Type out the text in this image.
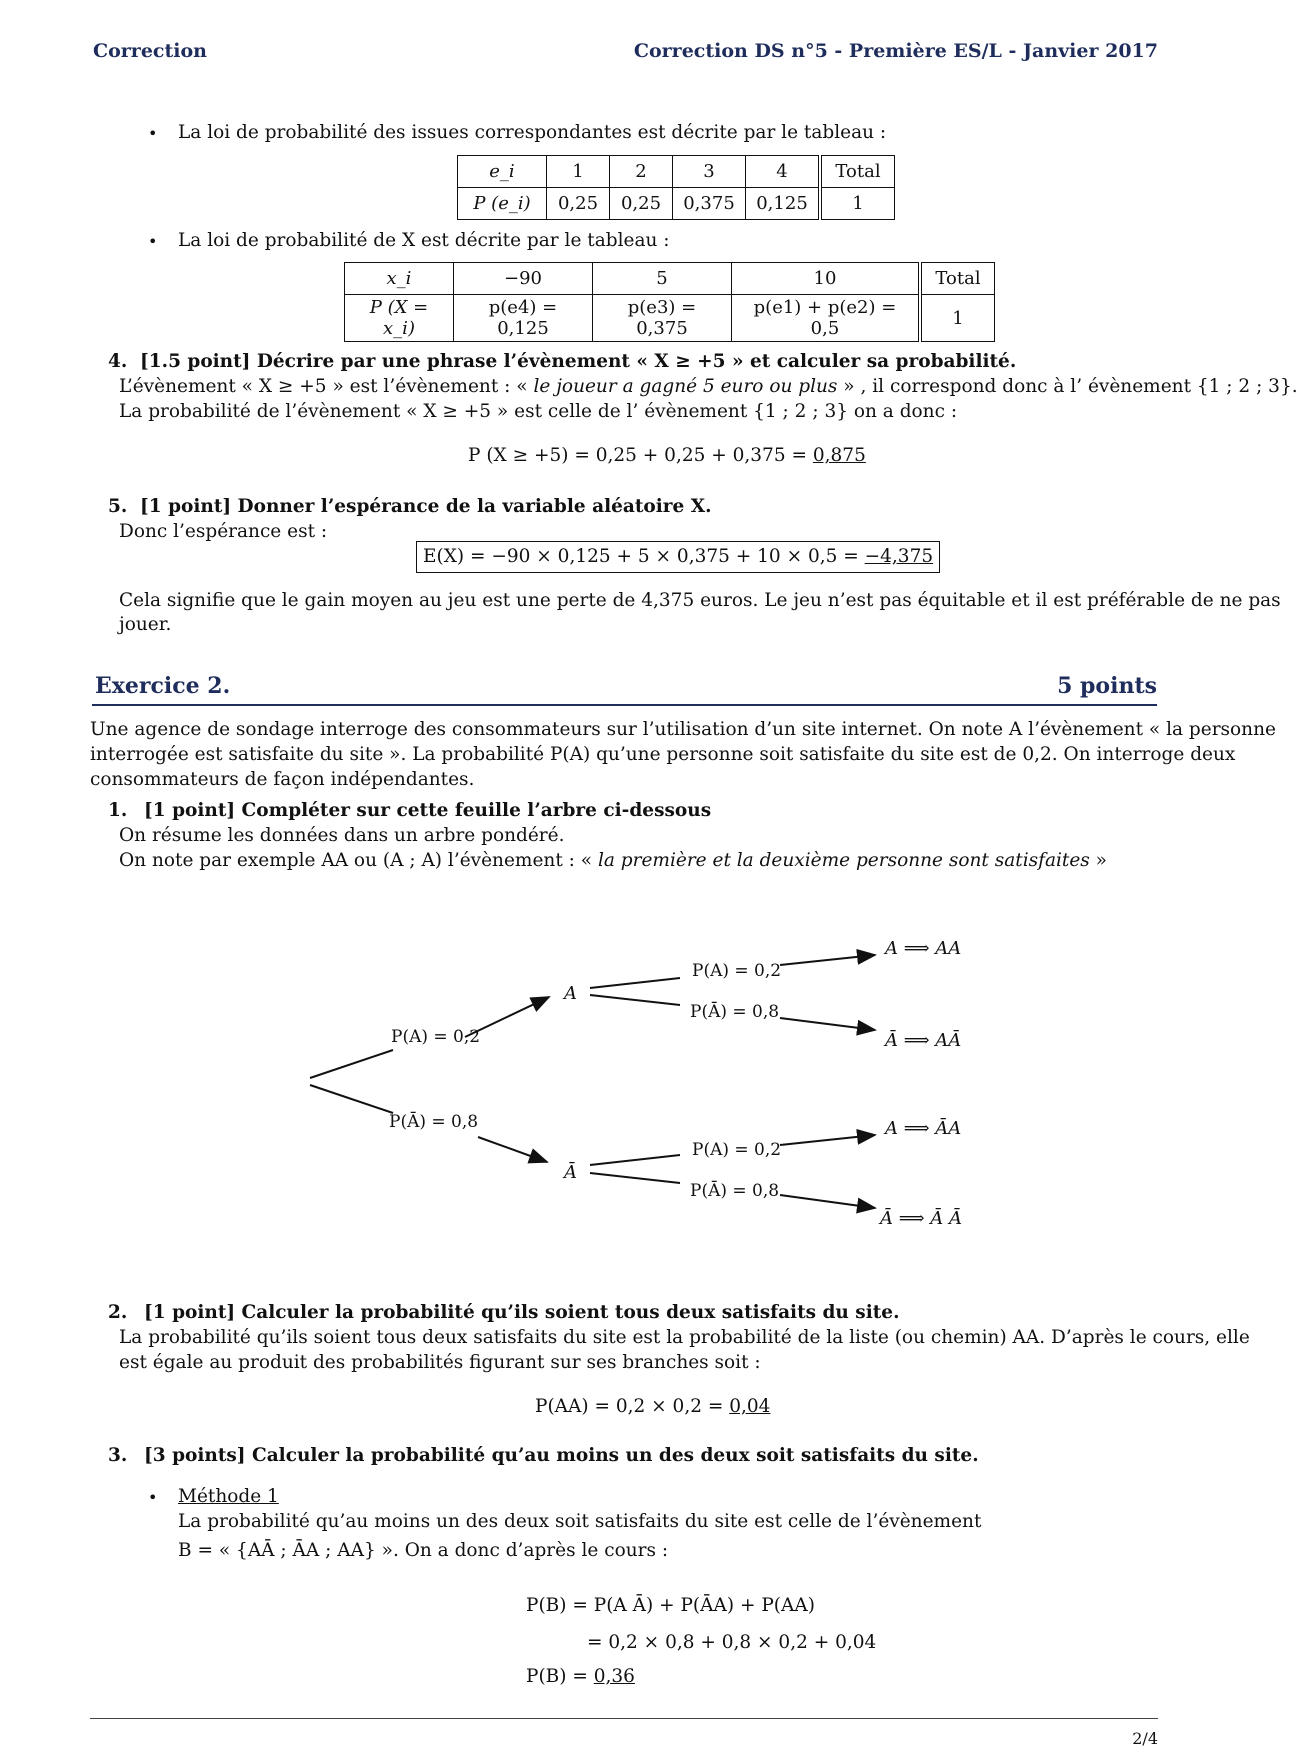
Correction	Correction DS n°5 - Première ES/L - Janvier 2017
• La loi de probabilité des issues correspondantes est décrite par le tableau :
e_i	1	2	3	4	Total
P (e_i)	0,25	0,25	0,375	0,125	1
• La loi de probabilité de X est décrite par le tableau :
x_i	−90	5	10	Total
P (X = x_i)	p(e4) = 0,125	p(e3) = 0,375	p(e1) + p(e2) = 0,5	1
4. [1.5 point] Décrire par une phrase l’évènement « X ≥ +5 » et calculer sa probabilité.
L’évènement « X ≥ +5 » est l’évènement : « le joueur a gagné 5 euro ou plus » , il correspond donc à l’ évènement {1 ; 2 ; 3}.
La probabilité de l’évènement « X ≥ +5 » est celle de l’ évènement {1 ; 2 ; 3} on a donc :
P (X ≥ +5) = 0,25 + 0,25 + 0,375 = 0,875
5. [1 point] Donner l’espérance de la variable aléatoire X.
Donc l’espérance est :
E(X) = −90 × 0,125 + 5 × 0,375 + 10 × 0,5 = −4,375
Cela signifie que le gain moyen au jeu est une perte de 4,375 euros. Le jeu n’est pas équitable et il est préférable de ne pas
jouer.
Exercice 2.	5 points
Une agence de sondage interroge des consommateurs sur l’utilisation d’un site internet. On note A l’évènement « la personne
interrogée est satisfaite du site ». La probabilité P(A) qu’une personne soit satisfaite du site est de 0,2. On interroge deux
consommateurs de façon indépendantes.
1. [1 point] Compléter sur cette feuille l’arbre ci-dessous
On résume les données dans un arbre pondéré.
On note par exemple AA ou (A ; A) l’évènement : « la première et la deuxième personne sont satisfaites »
P(A) = 0,2
P(Ā) = 0,8
A
Ā
P(A) = 0,2
P(Ā) = 0,8
P(A) = 0,2
P(Ā) = 0,8
A ⟹ AA
Ā ⟹ AĀ
A ⟹ ĀA
Ā ⟹ Ā Ā
2. [1 point] Calculer la probabilité qu’ils soient tous deux satisfaits du site.
La probabilité qu’ils soient tous deux satisfaits du site est la probabilité de la liste (ou chemin) AA. D’après le cours, elle
est égale au produit des probabilités figurant sur ses branches soit :
P(AA) = 0,2 × 0,2 = 0,04
3. [3 points] Calculer la probabilité qu’au moins un des deux soit satisfaits du site.
• Méthode 1
La probabilité qu’au moins un des deux soit satisfaits du site est celle de l’évènement
B = « {AĀ ; ĀA ; AA} ». On a donc d’après le cours :
P(B) = P(A Ā) + P(ĀA) + P(AA)
= 0,2 × 0,8 + 0,8 × 0,2 + 0,04
P(B) = 0,36
2/4
